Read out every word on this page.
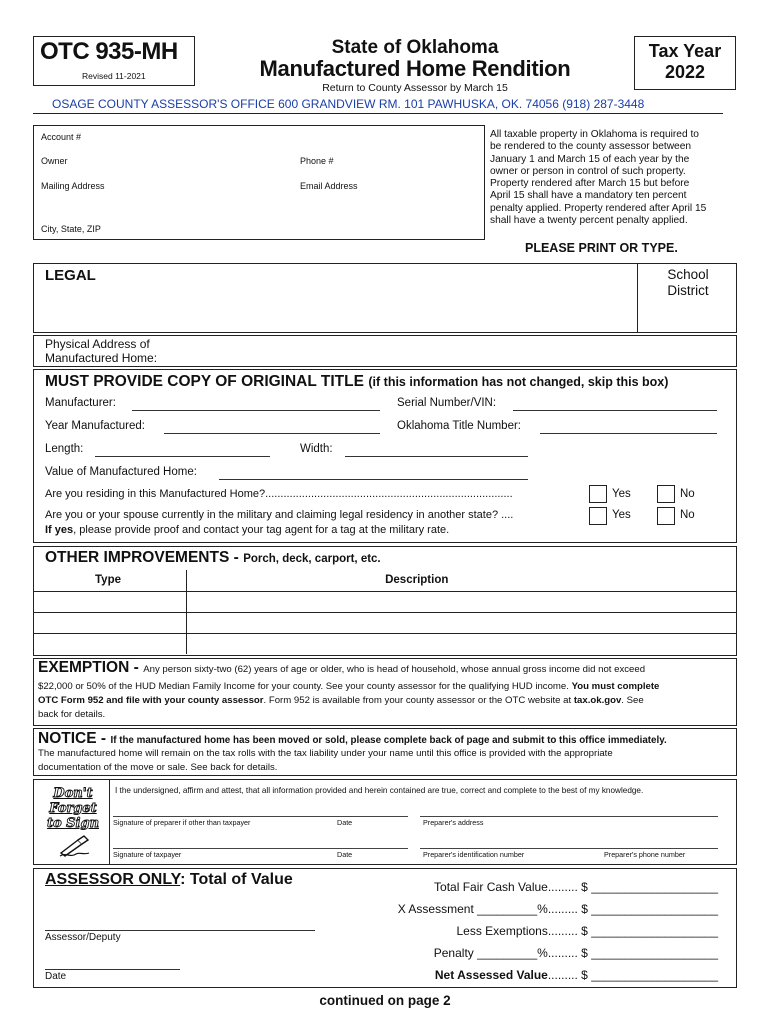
OTC 935-MH
Revised 11-2021
State of Oklahoma
Manufactured Home Rendition
Return to County Assessor by March 15
Tax Year
2022
OSAGE COUNTY ASSESSOR'S OFFICE 600 GRANDVIEW RM. 101 PAWHUSKA, OK. 74056 (918) 287-3448
Account #
Owner	Phone #
Mailing Address	Email Address
City, State, ZIP
All taxable property in Oklahoma is required to
be rendered to the county assessor between
January 1 and March 15 of each year by the
owner or person in control of such property.
Property rendered after March 15 but before
April 15 shall have a mandatory ten percent
penalty applied. Property rendered after April 15
shall have a twenty percent penalty applied.
PLEASE PRINT OR TYPE.
LEGAL	School
District
Physical Address of
Manufactured Home:
MUST PROVIDE COPY OF ORIGINAL TITLE (if this information has not changed, skip this box)
Manufacturer:	Serial Number/VIN:
Year Manufactured:	Oklahoma Title Number:
Length:	Width:
Value of Manufactured Home:
Are you residing in this Manufactured Home?.................................................................................	Yes	No
Are you or your spouse currently in the military and claiming legal residency in another state? ....	Yes	No
If yes, please provide proof and contact your tag agent for a tag at the military rate.
OTHER IMPROVEMENTS - Porch, deck, carport, etc.
Type	Description

EXEMPTION - Any person sixty-two (62) years of age or older, who is head of household, whose annual gross income did not exceed
$22,000 or 50% of the HUD Median Family Income for your county. See your county assessor for the qualifying HUD income. You must complete
OTC Form 952 and file with your county assessor. Form 952 is available from your county assessor or the OTC website at tax.ok.gov. See
back for details.
NOTICE - If the manufactured home has been moved or sold, please complete back of page and submit to this office immediately.
The manufactured home will remain on the tax rolls with the tax liability under your name until this office is provided with the appropriate
documentation of the move or sale. See back for details.
Don't
Forget
to Sign
I the undersigned, affirm and attest, that all information provided and herein contained are true, correct and complete to the best of my knowledge.
Signature of preparer if other than taxpayer	Date	Preparer's address
Signature of taxpayer	Date	Preparer's identification number	Preparer's phone number
ASSESSOR ONLY: Total of Value
Assessor/Deputy
Date
Total Fair Cash Value......... $ ___________________
X Assessment _________%......... $ ___________________
Less Exemptions......... $ ___________________
Penalty _________%......... $ ___________________
Net Assessed Value......... $ ___________________
continued on page 2
